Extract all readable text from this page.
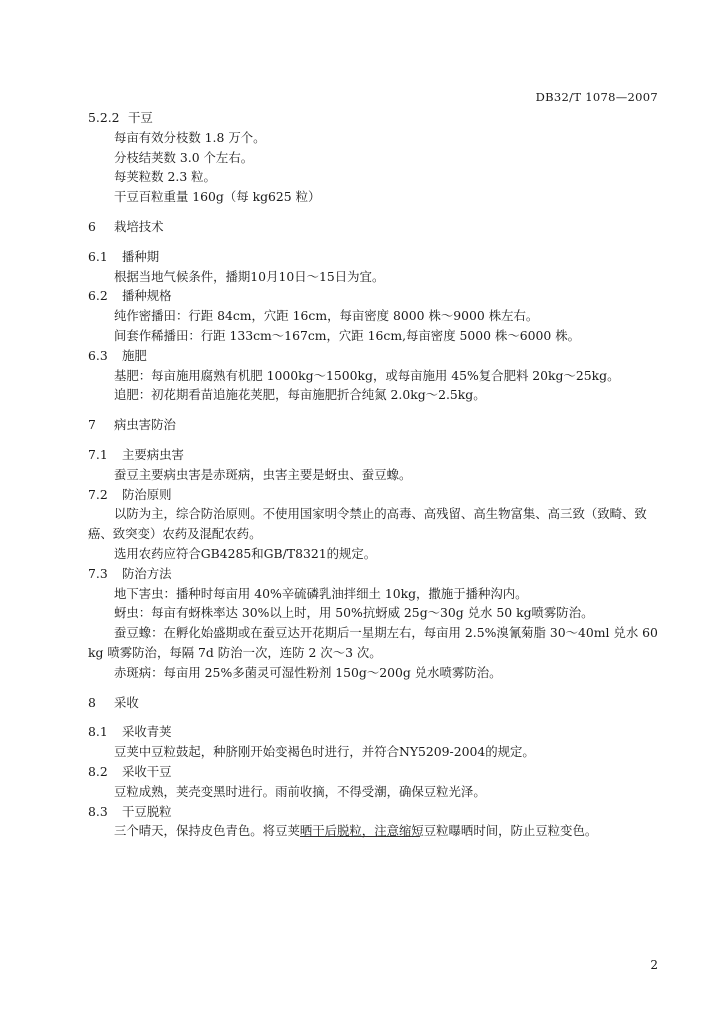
DB32/T 1078—2007

5.2.2 干豆

每亩有效分枝数 1.8 万个。

分枝结荚数 3.0 个左右。

每荚粒数 2.3 粒。

干豆百粒重量 160g（每 kg625 粒）

6 栽培技术

6.1 播种期

根据当地气候条件，播期10月10日～15日为宜。

6.2 播种规格

纯作密播田：行距 84cm，穴距 16cm，每亩密度 8000 株～9000 株左右。

间套作稀播田：行距 133cm～167cm，穴距 16cm,每亩密度 5000 株～6000 株。

6.3 施肥

基肥：每亩施用腐熟有机肥 1000kg～1500kg，或每亩施用 45%复合肥料 20kg～25kg。

追肥：初花期看苗追施花荚肥，每亩施肥折合纯氮 2.0kg～2.5kg。

7 病虫害防治

7.1 主要病虫害

蚕豆主要病虫害是赤斑病，虫害主要是蚜虫、蚕豆蟓。

7.2 防治原则

以防为主，综合防治原则。不使用国家明令禁止的高毒、高残留、高生物富集、高三致（致畸、致癌、致突变）农药及混配农药。

选用农药应符合GB4285和GB/T8321的规定。

7.3 防治方法

地下害虫：播种时每亩用 40%辛硫磷乳油拌细土 10kg，撒施于播种沟内。

蚜虫：每亩有蚜株率达 30%以上时，用 50%抗蚜威 25g～30g 兑水 50 kg喷雾防治。

蚕豆蟓：在孵化始盛期或在蚕豆达开花期后一星期左右，每亩用 2.5%溴氰菊脂 30～40ml 兑水 60 kg 喷雾防治，每隔 7d 防治一次，连防 2 次～3 次。

赤斑病：每亩用 25%多菌灵可湿性粉剂 150g～200g 兑水喷雾防治。

8 采收

8.1 采收青荚

豆荚中豆粒鼓起，种脐刚开始变褐色时进行，并符合NY5209-2004的规定。

8.2 采收干豆

豆粒成熟，荚壳变黑时进行。雨前收摘，不得受潮，确保豆粒光泽。

8.3 干豆脱粒

三个晴天，保持皮色青色。将豆荚晒干后脱粒，注意缩短豆粒曝晒时间，防止豆粒变色。

2
